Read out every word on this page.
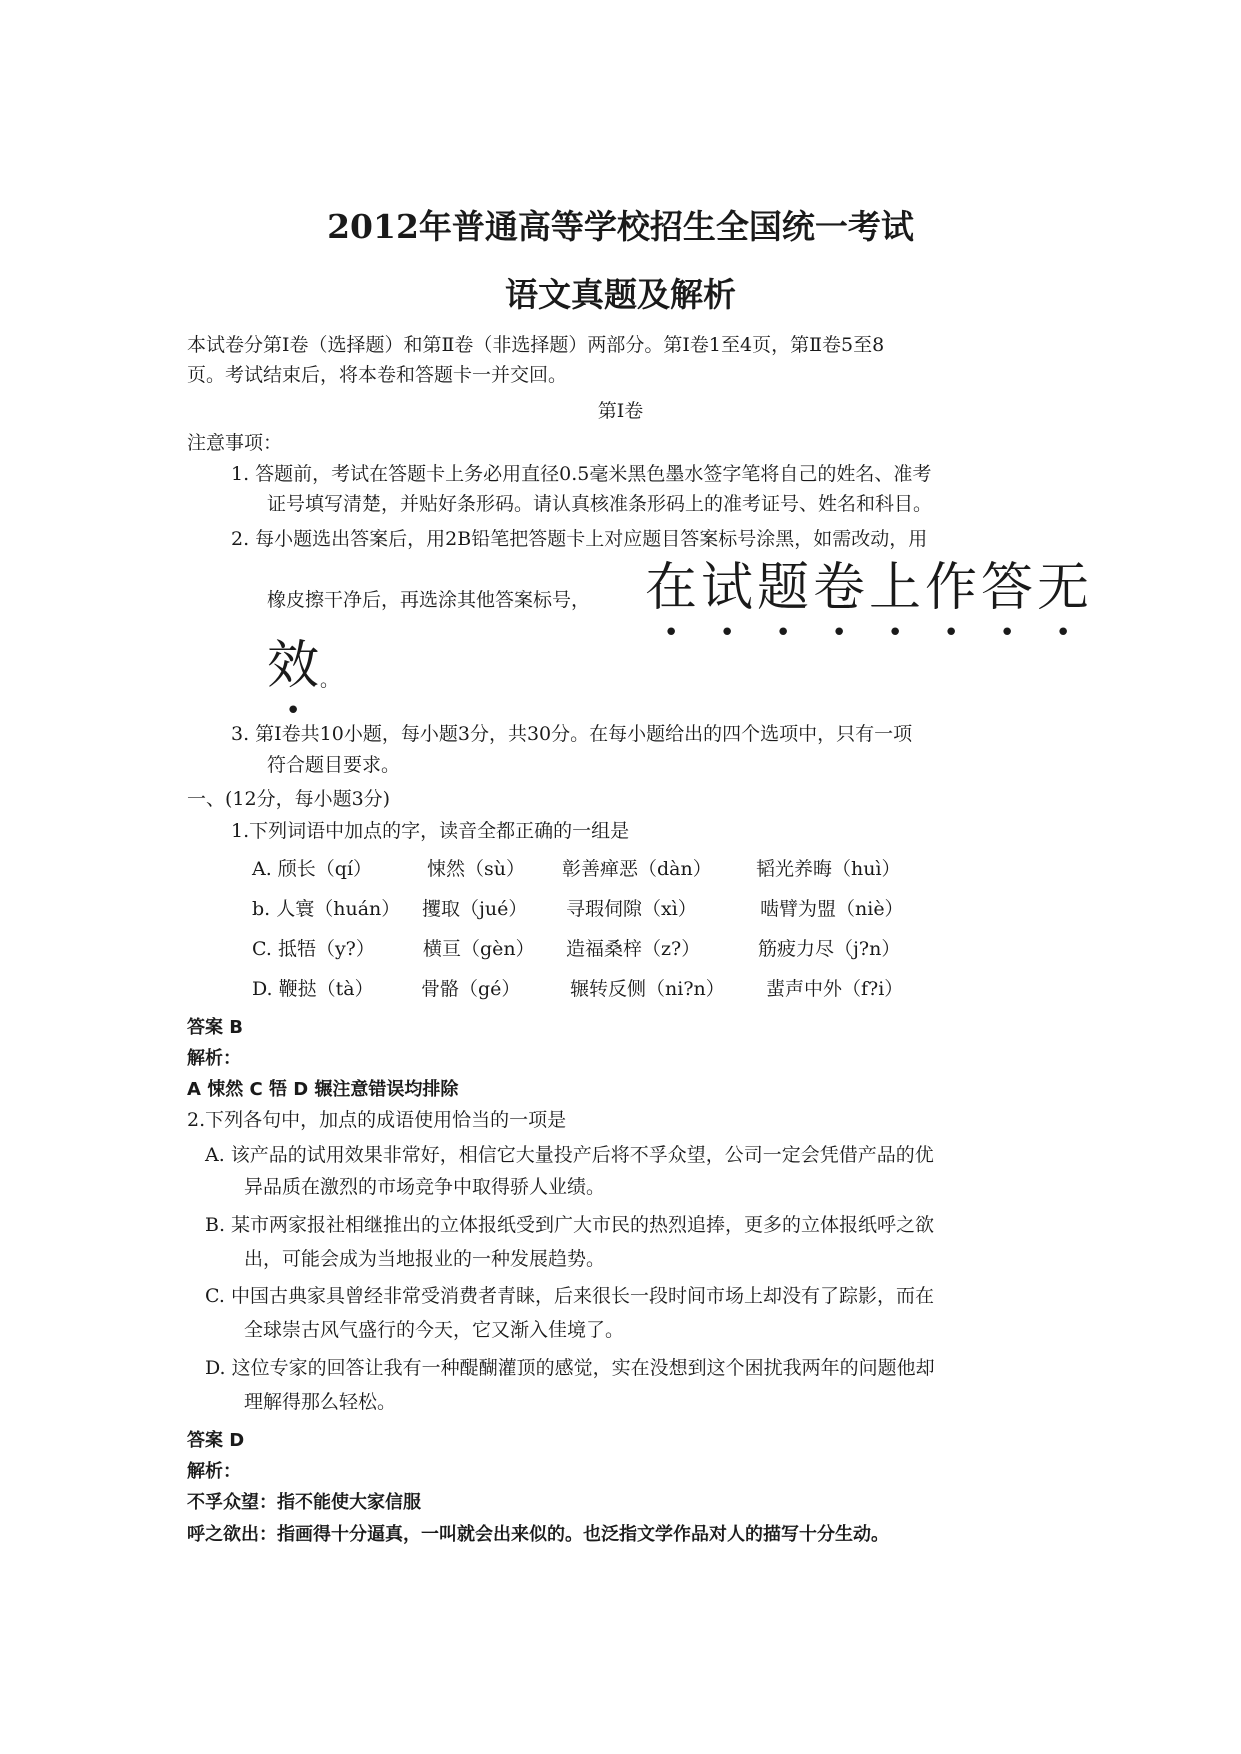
2012年普通高等学校招生全国统一考试
语文真题及解析
本试卷分第Ⅰ卷（选择题）和第Ⅱ卷（非选择题）两部分。第Ⅰ卷1至4页，第Ⅱ卷5至8
页。考试结束后，将本卷和答题卡一并交回。
第Ⅰ卷
注意事项：
1. 答题前，考试在答题卡上务必用直径0.5毫米黑色墨水签字笔将自己的姓名、准考
证号填写清楚，并贴好条形码。请认真核准条形码上的准考证号、姓名和科目。
2. 每小题选出答案后，用2B铅笔把答题卡上对应题目答案标号涂黑，如需改动，用
橡皮擦干净后，再选涂其他答案标号， 在试题卷上作答无
效
。
3. 第Ⅰ卷共10小题，每小题3分，共30分。在每小题给出的四个选项中，只有一项
符合题目要求。
一、(12分，每小题3分)
1.下列词语中加点的字，读音全都正确的一组是
A. 颀长（qí）	悚然（sù） 彰善瘅恶（dàn） 韬光养晦（huì）
b. 人寰（huán） 攫取（jué） 寻瑕伺隙（xì）	啮臂为盟（niè）
C. 抵牾（y?）	横亘（gèn） 造福桑梓（z?）	筋疲力尽（j?n）
D. 鞭挞（tà） 骨骼（gé）	辗转反侧（ni?n） 蜚声中外（f?i）
答案 B
解析：
A 悚然 C 牾 D 辗注意错误均排除
2.下列各句中，加点的成语使用恰当的一项是
A. 该产品的试用效果非常好，相信它大量投产后将不孚众望，公司一定会凭借产品的优
异品质在激烈的市场竞争中取得骄人业绩。
B. 某市两家报社相继推出的立体报纸受到广大市民的热烈追捧，更多的立体报纸呼之欲
出，可能会成为当地报业的一种发展趋势。
C. 中国古典家具曾经非常受消费者青睐，后来很长一段时间市场上却没有了踪影，而在
全球崇古风气盛行的今天，它又渐入佳境了。
D. 这位专家的回答让我有一种醍醐灌顶的感觉，实在没想到这个困扰我两年的问题他却
理解得那么轻松。
答案 D
解析：
不孚众望：指不能使大家信服
呼之欲出：指画得十分逼真，一叫就会出来似的。也泛指文学作品对人的描写十分生动。
